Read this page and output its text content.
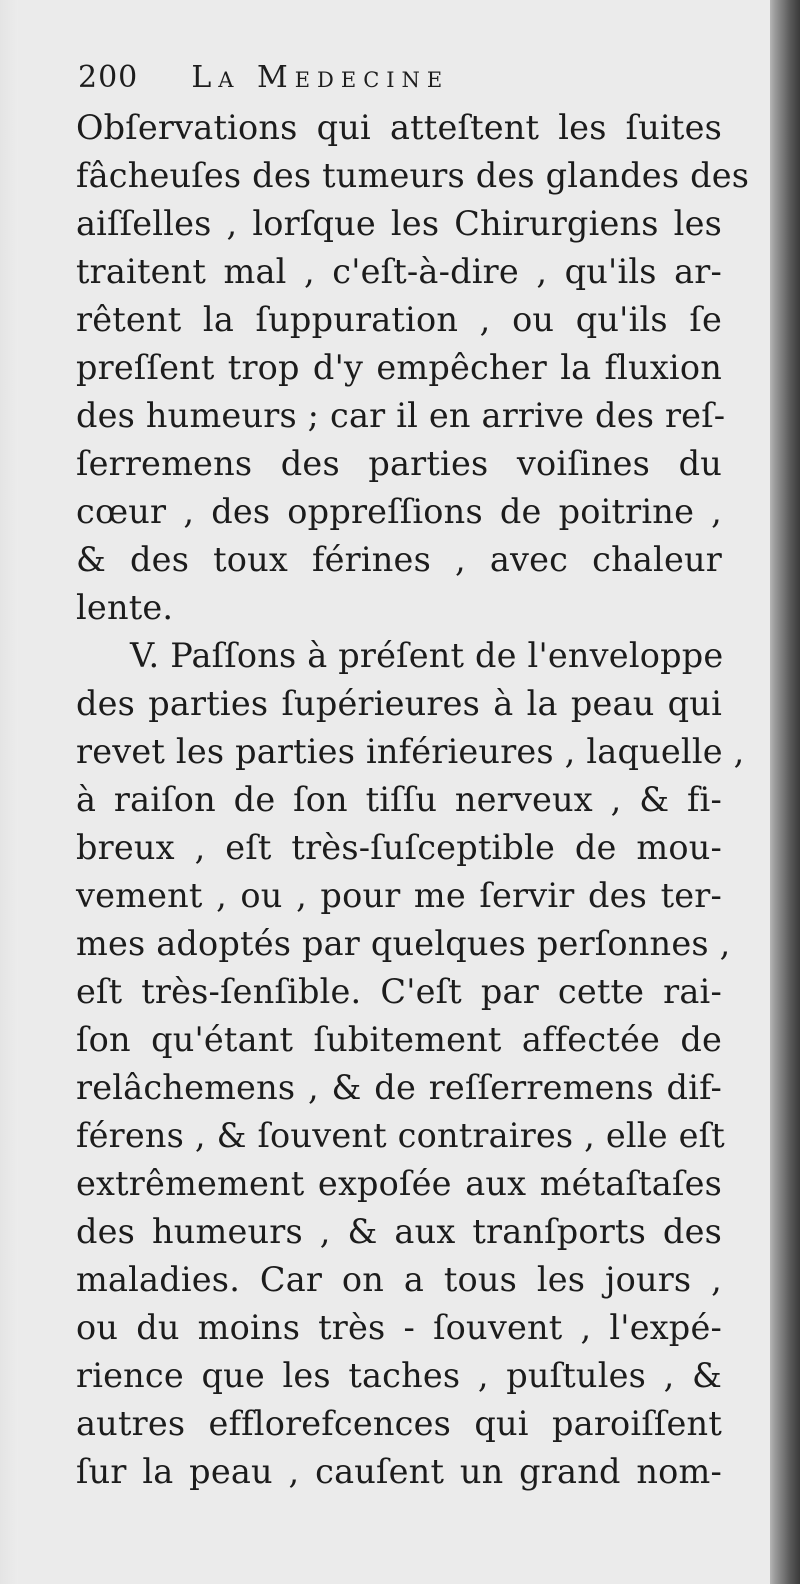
200 La Medecine
Obſervations qui atteſtent les ſuites
fâcheuſes des tumeurs des glandes des
aiſſelles , lorſque les Chirurgiens les
traitent mal , c'eſt-à-dire , qu'ils ar-
rêtent la ſuppuration , ou qu'ils ſe
preſſent trop d'y empêcher la fluxion
des humeurs ; car il en arrive des reſ-
ſerremens des parties voiſines du
cœur , des oppreſſions de poitrine ,
& des toux férines , avec chaleur
lente.
V. Paſſons à préſent de l'enveloppe
des parties ſupérieures à la peau qui
revet les parties inférieures , laquelle ,
à raiſon de ſon tiſſu nerveux , & fi-
breux , eſt très-ſuſceptible de mou-
vement , ou , pour me ſervir des ter-
mes adoptés par quelques perſonnes ,
eſt très-ſenſible. C'eſt par cette rai-
ſon qu'étant ſubitement affectée de
relâchemens , & de reſſerremens dif-
férens , & ſouvent contraires , elle eſt
extrêmement expoſée aux métaſtaſes
des humeurs , & aux tranſports des
maladies. Car on a tous les jours ,
ou du moins très - ſouvent , l'expé-
rience que les taches , puſtules , &
autres efflorefcences qui paroiſſent
ſur la peau , cauſent un grand nom-
